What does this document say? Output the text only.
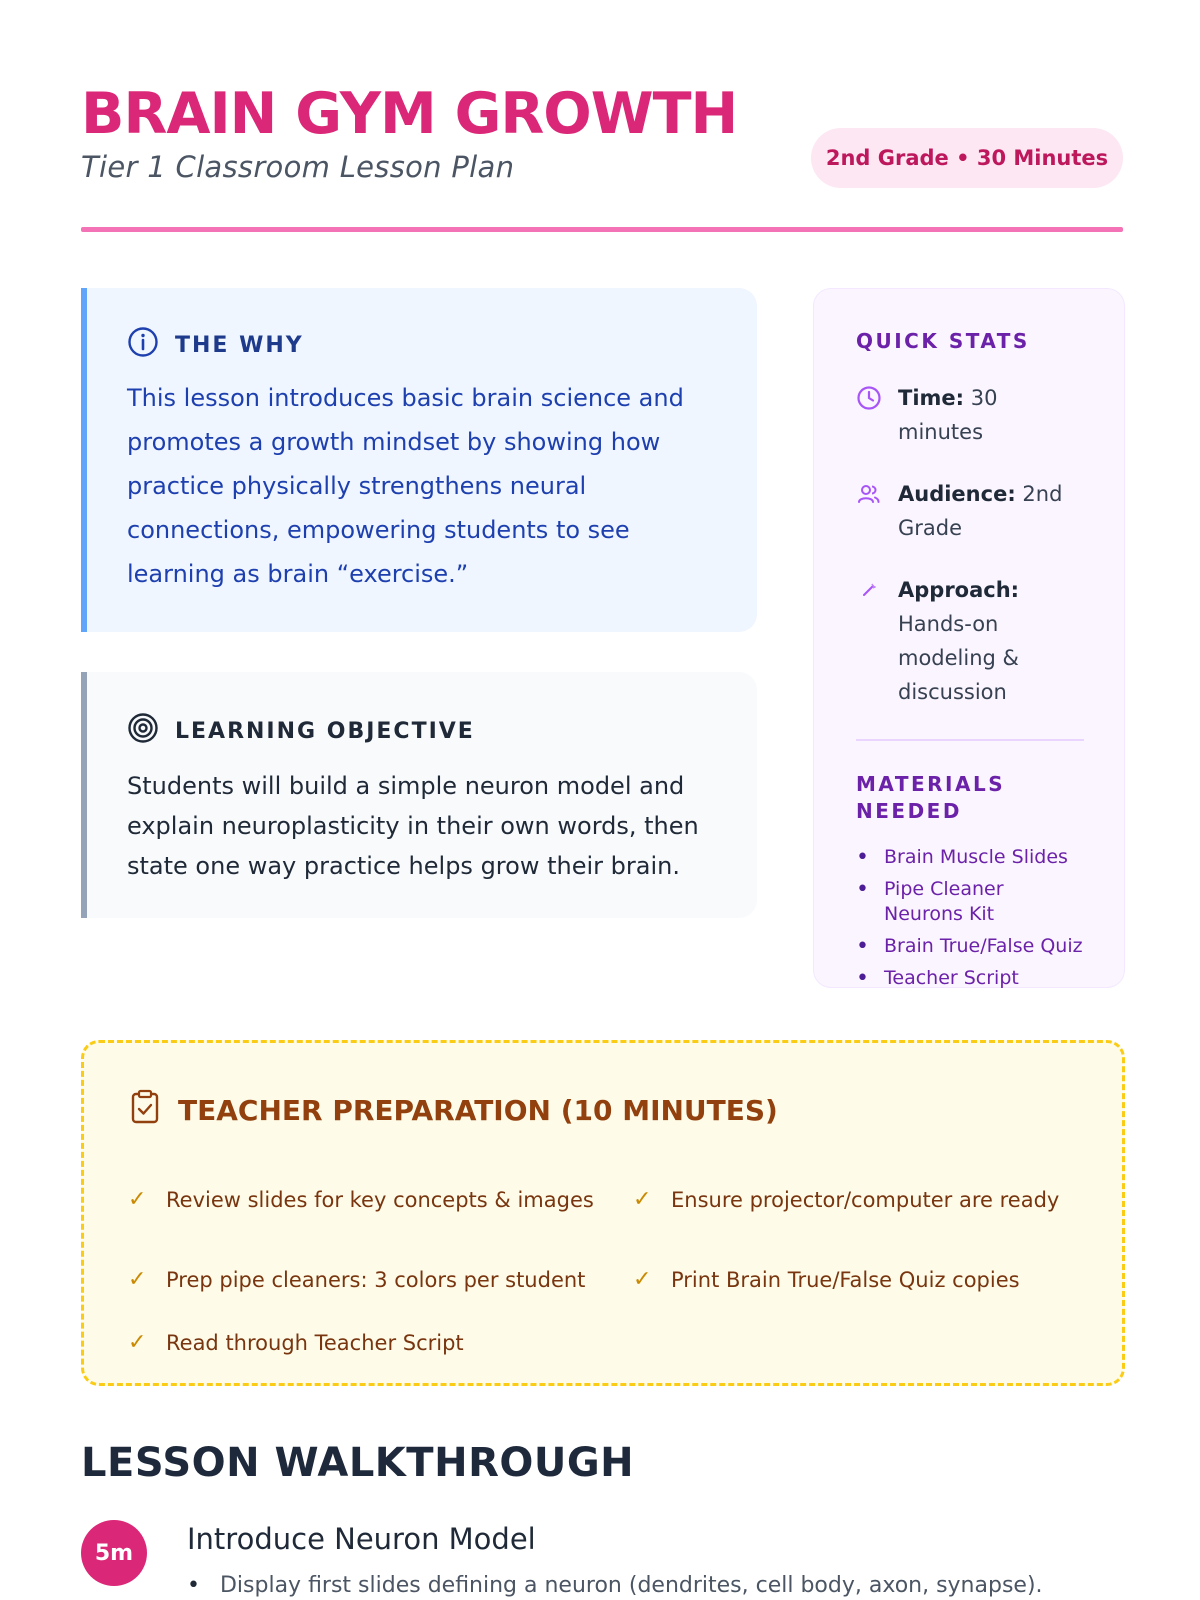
BRAIN GYM GROWTH
Tier 1 Classroom Lesson Plan	2nd Grade • 30 Minutes
THE WHY
This lesson introduces basic brain science and promotes a growth mindset by showing how practice physically strengthens neural connections, empowering students to see learning as brain “exercise.”
LEARNING OBJECTIVE
Students will build a simple neuron model and explain neuroplasticity in their own words, then state one way practice helps grow their brain.
QUICK STATS
Time: 30 minutes
Audience: 2nd Grade
Approach: Hands-on modeling & discussion
MATERIALS NEEDED
• Brain Muscle Slides
• Pipe Cleaner Neurons Kit
• Brain True/False Quiz
• Teacher Script
TEACHER PREPARATION (10 MINUTES)
✓ Review slides for key concepts & images ✓ Ensure projector/computer are ready
✓ Prep pipe cleaners: 3 colors per student ✓ Print Brain True/False Quiz copies
✓ Read through Teacher Script
LESSON WALKTHROUGH
5m	Introduce Neuron Model
• Display first slides defining a neuron (dendrites, cell body, axon, synapse).
